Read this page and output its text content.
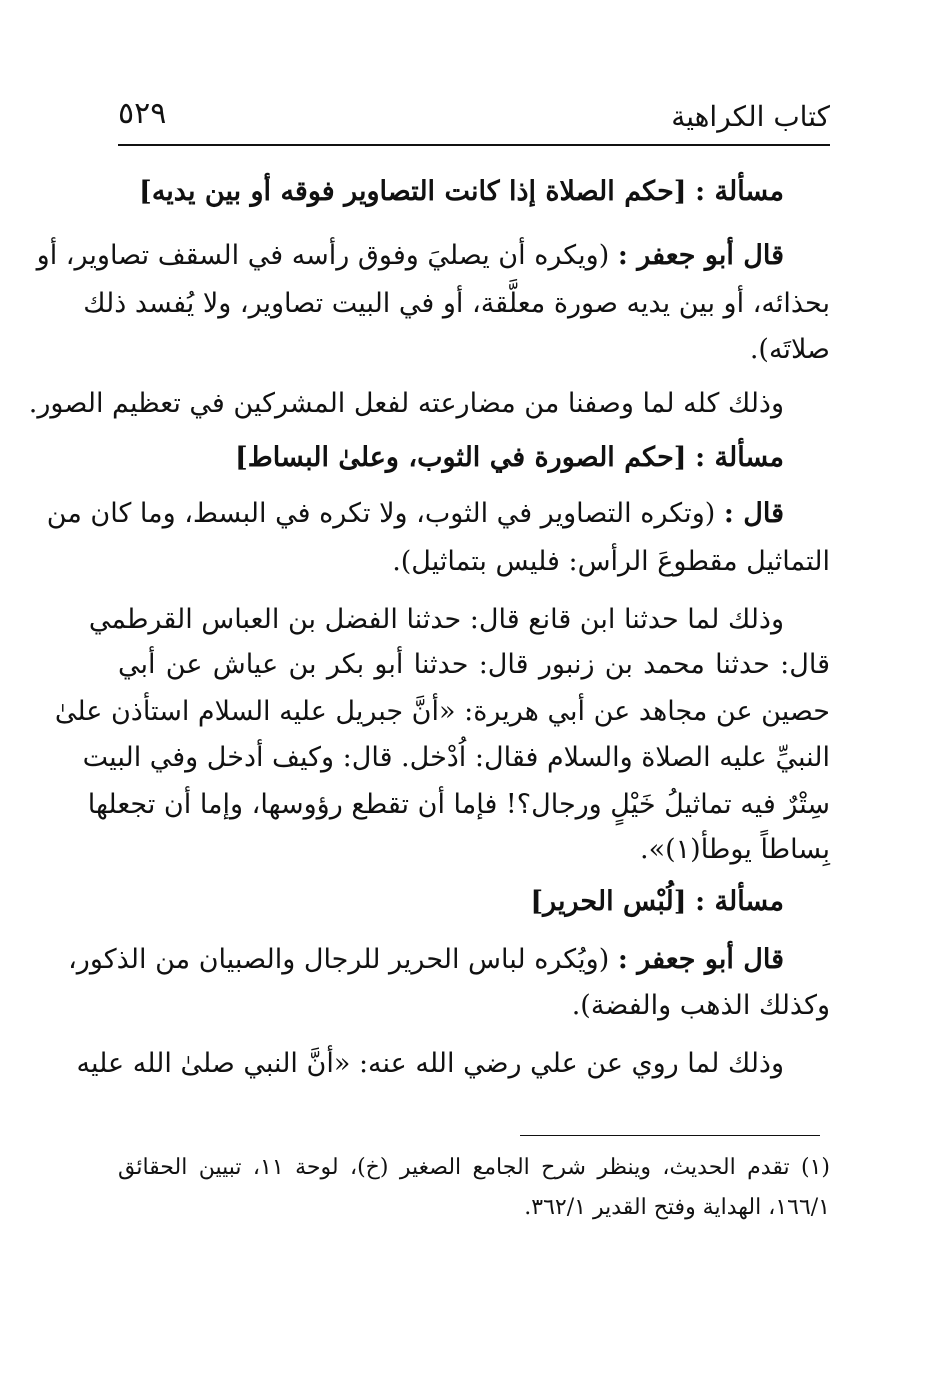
كتاب الكراهية
٥٢٩
مسألة : [حكم الصلاة إذا كانت التصاوير فوقه أو بين يديه]
قال أبو جعفر : (ويكره أن يصليَ وفوق رأسه في السقف تصاوير، أو
بحذائه، أو بين يديه صورة معلَّقة، أو في البيت تصاوير، ولا يُفسد ذلك
صلاتَه).
وذلك كله لما وصفنا من مضارعته لفعل المشركين في تعظيم الصور.
مسألة : [حكم الصورة في الثوب، وعلىٰ البساط]
قال : (وتكره التصاوير في الثوب، ولا تكره في البسط، وما كان من
التماثيل مقطوعَ الرأس: فليس بتماثيل).
وذلك لما حدثنا ابن قانع قال: حدثنا الفضل بن العباس القرطمي
قال: حدثنا محمد بن زنبور قال: حدثنا أبو بكر بن عياش عن أبي
حصين عن مجاهد عن أبي هريرة: «أنَّ جبريل عليه السلام استأذن علىٰ
النبيِّ عليه الصلاة والسلام فقال: اُدْخل. قال: وكيف أدخل وفي البيت
سِتْرٌ فيه تماثيلُ خَيْلٍ ورجال؟! فإما أن تقطع رؤوسها، وإما أن تجعلها
بِساطاً يوطأ(١)».
مسألة : [لُبْس الحرير]
قال أبو جعفر : (ويُكره لباس الحرير للرجال والصبيان من الذكور،
وكذلك الذهب والفضة).
وذلك لما روي عن علي رضي الله عنه: «أنَّ النبي صلىٰ الله عليه
(١) تقدم الحديث، وينظر شرح الجامع الصغير (خ)، لوحة ١١، تبيين الحقائق
١٦٦/١، الهداية وفتح القدير ٣٦٢/١.
